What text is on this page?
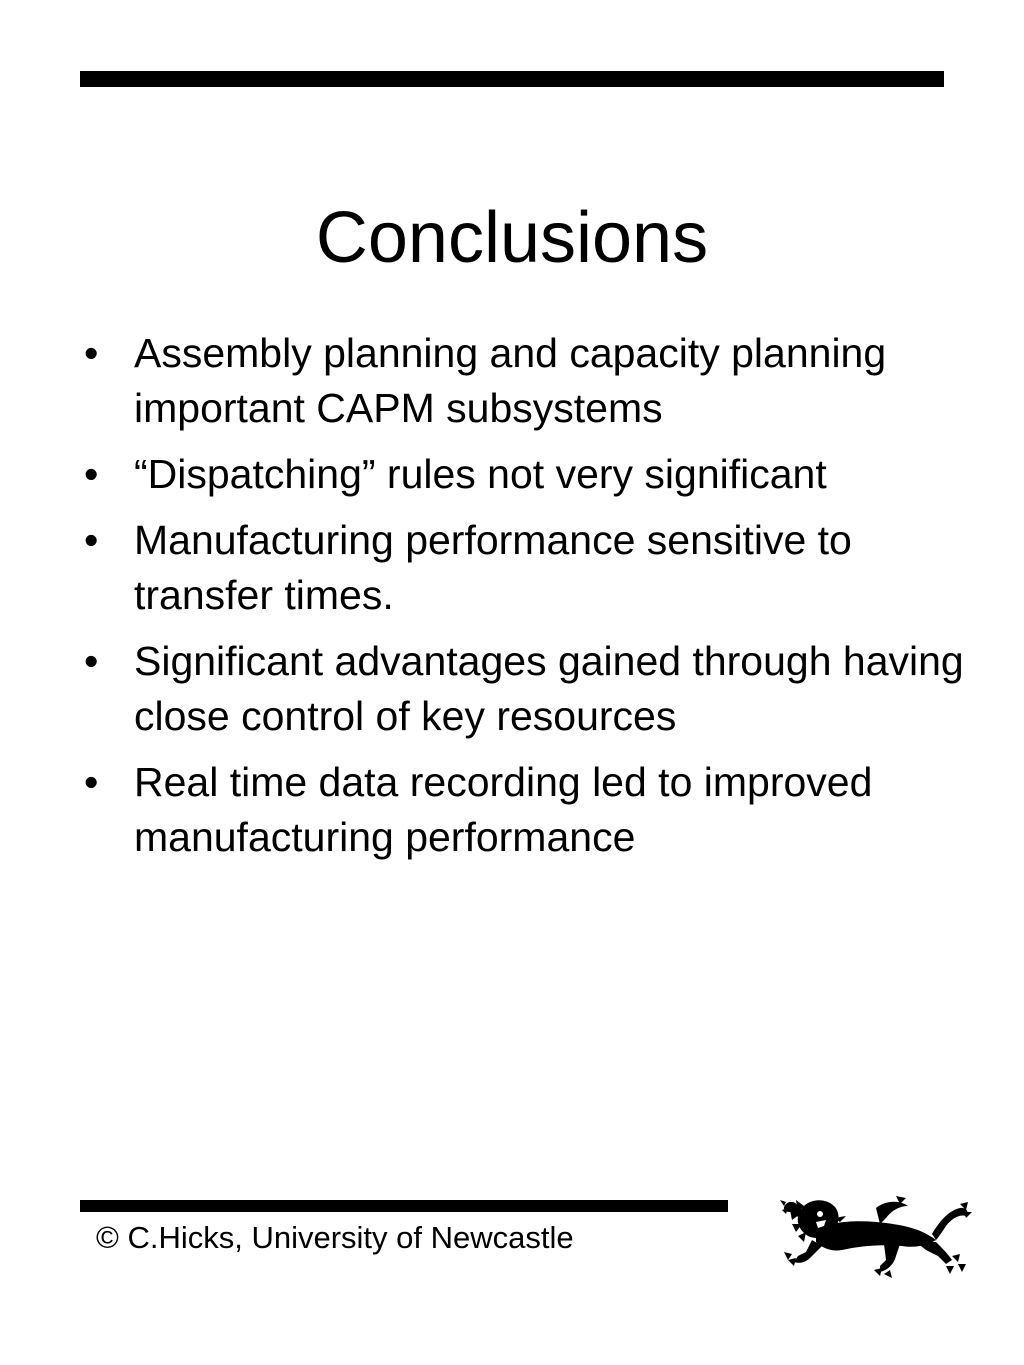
Conclusions
• Assembly planning and capacity planning important CAPM subsystems
• “Dispatching” rules not very significant
• Manufacturing performance sensitive to transfer times.
• Significant advantages gained through having close control of key resources
• Real time data recording led to improved manufacturing performance
© C.Hicks, University of Newcastle
